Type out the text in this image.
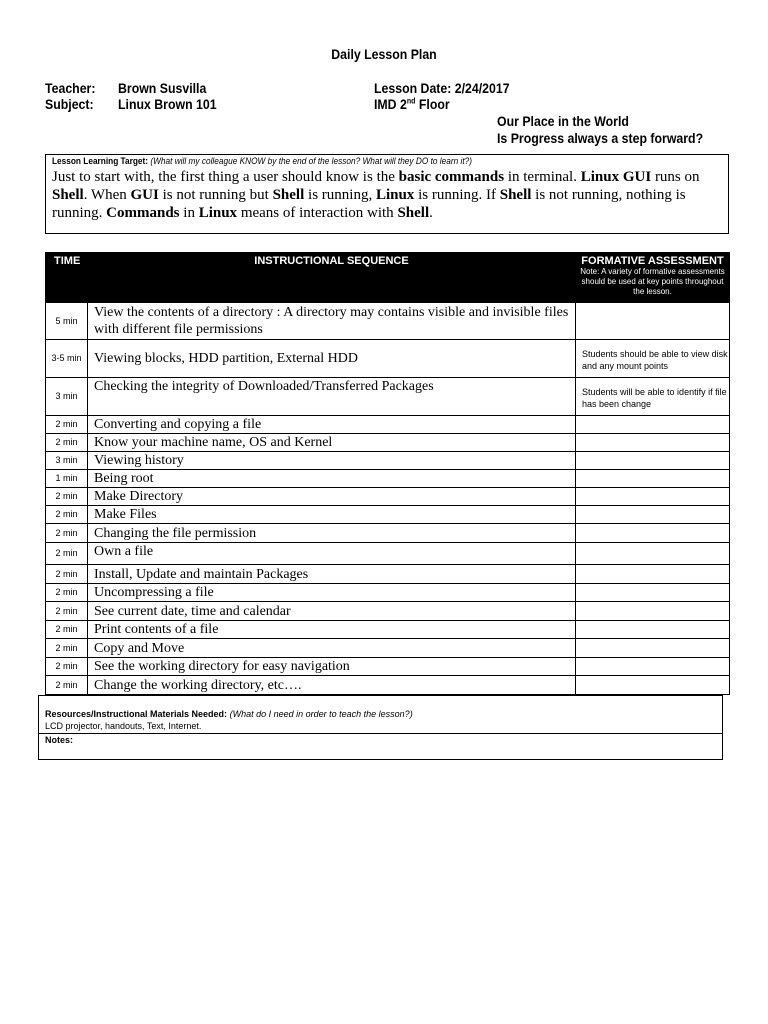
Daily Lesson Plan
Teacher: Brown Susvilla
Subject: Linux Brown 101
Lesson Date: 2/24/2017
IMD 2nd Floor
Our Place in the World
Is Progress always a step forward?
Lesson Learning Target: (What will my colleague KNOW by the end of the lesson? What will they DO to learn it?)
Just to start with, the first thing a user should know is the basic commands in terminal. Linux GUI runs on Shell. When GUI is not running but Shell is running, Linux is running. If Shell is not running, nothing is running. Commands in Linux means of interaction with Shell.
TIME	INSTRUCTIONAL SEQUENCE	FORMATIVE ASSESSMENT
Note: A variety of formative assessments should be used at key points throughout the lesson.

5 min	View the contents of a directory : A directory may contains visible and invisible files with different file permissions	
3-5 min	Viewing blocks, HDD partition, External HDD	Students should be able to view disk and any mount points
3 min	Checking the integrity of Downloaded/Transferred Packages	Students will be able to identify if file has been change
2 min	Converting and copying a file	
2 min	Know your machine name, OS and Kernel	
3 min	Viewing history	
1 min	Being root	
2 min	Make Directory	
2 min	Make Files	
2 min	Changing the file permission	
2 min	Own a file	
2 min	Install, Update and maintain Packages	
2 min	Uncompressing a file	
2 min	See current date, time and calendar	
2 min	Print contents of a file	
2 min	Copy and Move	
2 min	See the working directory for easy navigation	
2 min	Change the working directory, etc….	
Resources/Instructional Materials Needed: (What do I need in order to teach the lesson?)
LCD projector, handouts, Text, Internet.
Notes:
